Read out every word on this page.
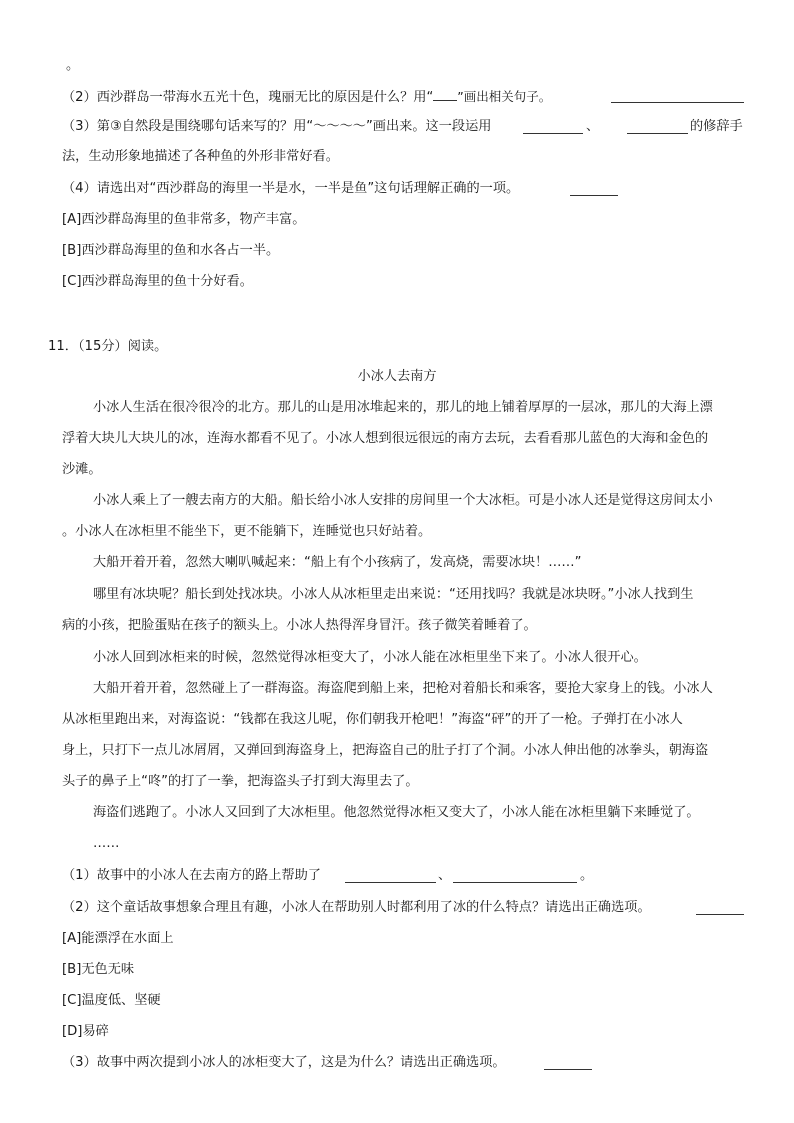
。
（2）西沙群岛一带海水五光十色，瑰丽无比的原因是什么？用“ ”画出相关句子。
（3）第③自然段是围绕哪句话来写的？用“～～～～”画出来。这一段运用	、	的修辞手
法，生动形象地描述了各种鱼的外形非常好看。
（4）请选出对“西沙群岛的海里一半是水，一半是鱼”这句话理解正确的一项。
[A]西沙群岛海里的鱼非常多，物产丰富。
[B]西沙群岛海里的鱼和水各占一半。
[C]西沙群岛海里的鱼十分好看。
11．（15分）阅读。
小冰人去南方
小冰人生活在很冷很冷的北方。那儿的山是用冰堆起来的，那儿的地上铺着厚厚的一层冰，那儿的大海上漂
浮着大块儿大块儿的冰，连海水都看不见了。小冰人想到很远很远的南方去玩，去看看那儿蓝色的大海和金色的
沙滩。
小冰人乘上了一艘去南方的大船。船长给小冰人安排的房间里一个大冰柜。可是小冰人还是觉得这房间太小
。小冰人在冰柜里不能坐下，更不能躺下，连睡觉也只好站着。
大船开着开着，忽然大喇叭喊起来：“船上有个小孩病了，发高烧，需要冰块！……”
哪里有冰块呢？船长到处找冰块。小冰人从冰柜里走出来说：“还用找吗？我就是冰块呀。”小冰人找到生
病的小孩，把脸蛋贴在孩子的额头上。小冰人热得浑身冒汗。孩子微笑着睡着了。
小冰人回到冰柜来的时候，忽然觉得冰柜变大了，小冰人能在冰柜里坐下来了。小冰人很开心。
大船开着开着，忽然碰上了一群海盗。海盗爬到船上来，把枪对着船长和乘客，要抢大家身上的钱。小冰人
从冰柜里跑出来，对海盗说：“钱都在我这儿呢，你们朝我开枪吧！”海盗“砰”的开了一枪。子弹打在小冰人
身上，只打下一点儿冰屑屑，又弹回到海盗身上，把海盗自己的肚子打了个洞。小冰人伸出他的冰拳头，朝海盗
头子的鼻子上“咚”的打了一拳，把海盗头子打到大海里去了。
海盗们逃跑了。小冰人又回到了大冰柜里。他忽然觉得冰柜又变大了，小冰人能在冰柜里躺下来睡觉了。
……
（1）故事中的小冰人在去南方的路上帮助了	、	。
（2）这个童话故事想象合理且有趣，小冰人在帮助别人时都利用了冰的什么特点？请选出正确选项。
[A]能漂浮在水面上
[B]无色无味
[C]温度低、坚硬
[D]易碎
（3）故事中两次提到小冰人的冰柜变大了，这是为什么？请选出正确选项。
